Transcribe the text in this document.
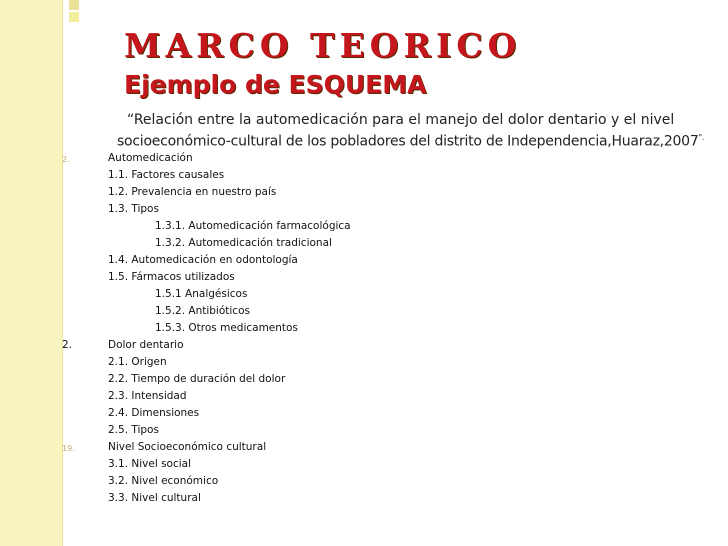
MARCO TEORICO
Ejemplo de ESQUEMA

“Relación entre la automedicación para el manejo del dolor dentario y el nivel
socioeconómico-cultural de los pobladores del distrito de Independencia,Huaraz,2007".

2.	Automedicación
1.1. Factores causales
1.2. Prevalencia en nuestro país
1.3. Tipos
1.3.1. Automedicación farmacológica
1.3.2. Automedicación tradicional
1.4. Automedicación en odontología
1.5. Fármacos utilizados
1.5.1 Analgésicos
1.5.2. Antibióticos
1.5.3. Otros medicamentos
2.	Dolor dentario
2.1. Origen
2.2. Tiempo de duración del dolor
2.3. Intensidad
2.4. Dimensiones
2.5. Tipos
19.	Nivel Socioeconómico cultural
3.1. Nivel social
3.2. Nivel económico
3.3. Nivel cultural
